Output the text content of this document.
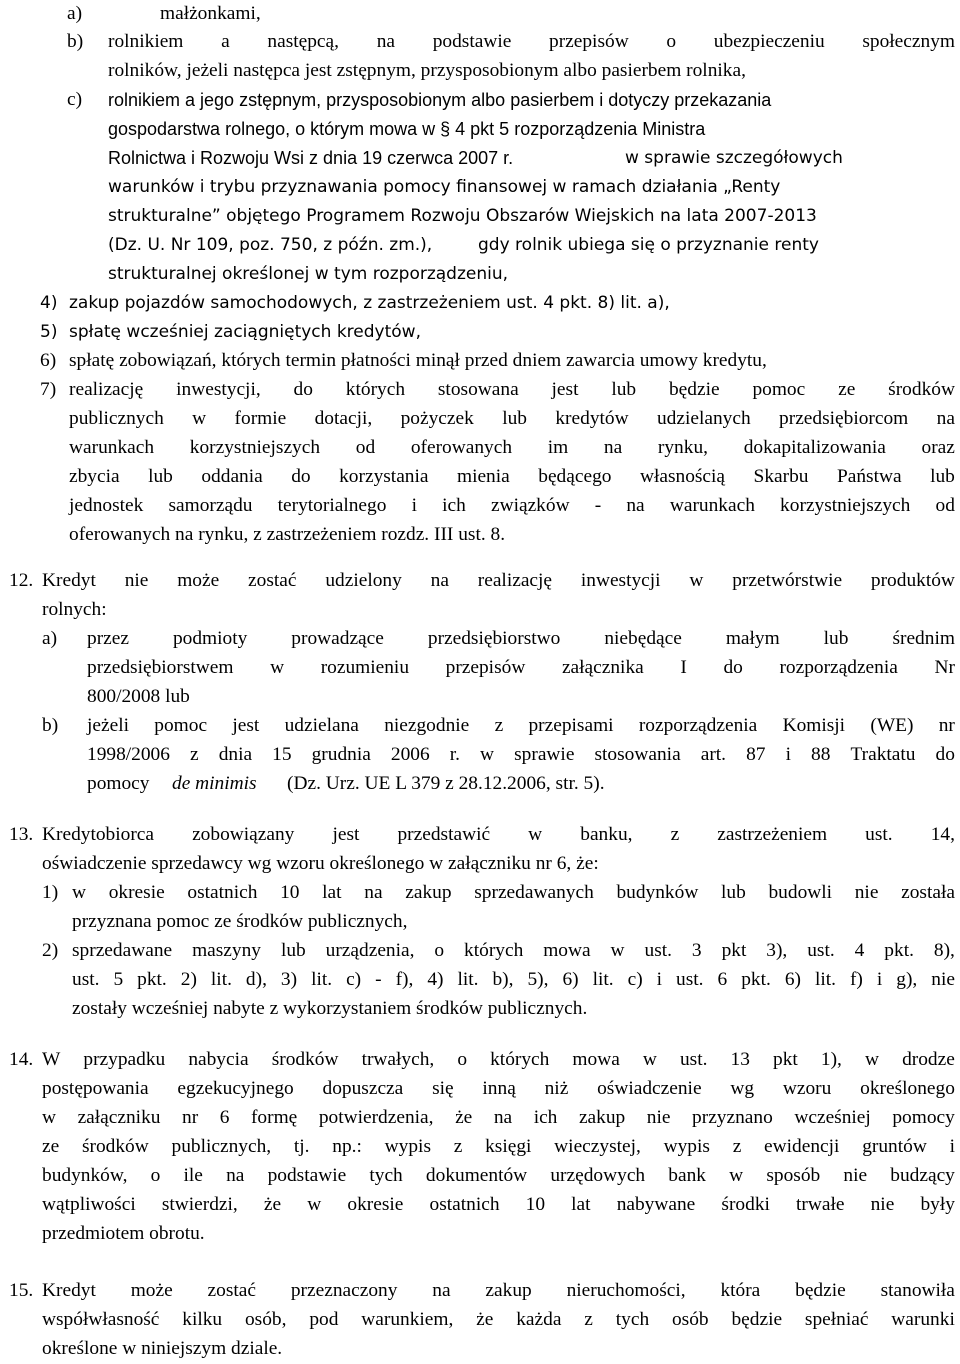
a)	małżonkami,
b) rolnikiem a następcą, na podstawie przepisów o ubezpieczeniu społecznym
rolników, jeżeli następca jest zstępnym, przysposobionym albo pasierbem rolnika,
c) rolnikiem a jego zstępnym, przysposobionym albo pasierbem i dotyczy przekazania
gospodarstwa rolnego, o którym mowa w § 4 pkt 5 rozporządzenia Ministra
Rolnictwa i Rozwoju Wsi z dnia 19 czerwca 2007 r.	w sprawie szczegółowych
warunków i trybu przyznawania pomocy finansowej w ramach działania „Renty
strukturalne” objętego Programem Rozwoju Obszarów Wiejskich na lata 2007-2013
(Dz. U. Nr 109, poz. 750, z późn. zm.),	gdy rolnik ubiega się o przyznanie renty
strukturalnej określonej w tym rozporządzeniu,
4) zakup pojazdów samochodowych, z zastrzeżeniem ust. 4 pkt. 8) lit. a),
5) spłatę wcześniej zaciągniętych kredytów,
6) spłatę zobowiązań, których termin płatności minął przed dniem zawarcia umowy kredytu,
7) realizację inwestycji, do których stosowana jest lub będzie pomoc ze środków
publicznych w formie dotacji, pożyczek lub kredytów udzielanych przedsiębiorcom na
warunkach korzystniejszych od oferowanych im na rynku, dokapitalizowania oraz
zbycia lub oddania do korzystania mienia będącego własnością Skarbu Państwa lub
jednostek samorządu terytorialnego i ich związków - na warunkach korzystniejszych od
oferowanych na rynku, z zastrzeżeniem rozdz. III ust. 8.
12. Kredyt nie może zostać udzielony na realizację inwestycji w przetwórstwie produktów
rolnych:
a) przez podmioty prowadzące przedsiębiorstwo niebędące małym lub średnim
przedsiębiorstwem w rozumieniu przepisów załącznika I do rozporządzenia Nr
800/2008 lub
b) jeżeli pomoc jest udzielana niezgodnie z przepisami rozporządzenia Komisji (WE) nr
1998/2006 z dnia 15 grudnia 2006 r. w sprawie stosowania art. 87 i 88 Traktatu do
pomocy de minimis (Dz. Urz. UE L 379 z 28.12.2006, str. 5).
13. Kredytobiorca zobowiązany jest przedstawić w banku, z zastrzeżeniem ust. 14,
oświadczenie sprzedawcy wg wzoru określonego w załączniku nr 6, że:
1) w okresie ostatnich 10 lat na zakup sprzedawanych budynków lub budowli nie została
przyznana pomoc ze środków publicznych,
2) sprzedawane maszyny lub urządzenia, o których mowa w ust. 3 pkt 3), ust. 4 pkt. 8),
ust. 5 pkt. 2) lit. d), 3) lit. c) - f), 4) lit. b), 5), 6) lit. c) i ust. 6 pkt. 6) lit. f) i g), nie
zostały wcześniej nabyte z wykorzystaniem środków publicznych.
14. W przypadku nabycia środków trwałych, o których mowa w ust. 13 pkt 1), w drodze
postępowania egzekucyjnego dopuszcza się inną niż oświadczenie wg wzoru określonego
w załączniku nr 6 formę potwierdzenia, że na ich zakup nie przyznano wcześniej pomocy
ze środków publicznych, tj. np.: wypis z księgi wieczystej, wypis z ewidencji gruntów i
budynków, o ile na podstawie tych dokumentów urzędowych bank w sposób nie budzący
wątpliwości stwierdzi, że w okresie ostatnich 10 lat nabywane środki trwałe nie były
przedmiotem obrotu.
15. Kredyt może zostać przeznaczony na zakup nieruchomości, która będzie stanowiła
współwłasność kilku osób, pod warunkiem, że każda z tych osób będzie spełniać warunki
określone w niniejszym dziale.
